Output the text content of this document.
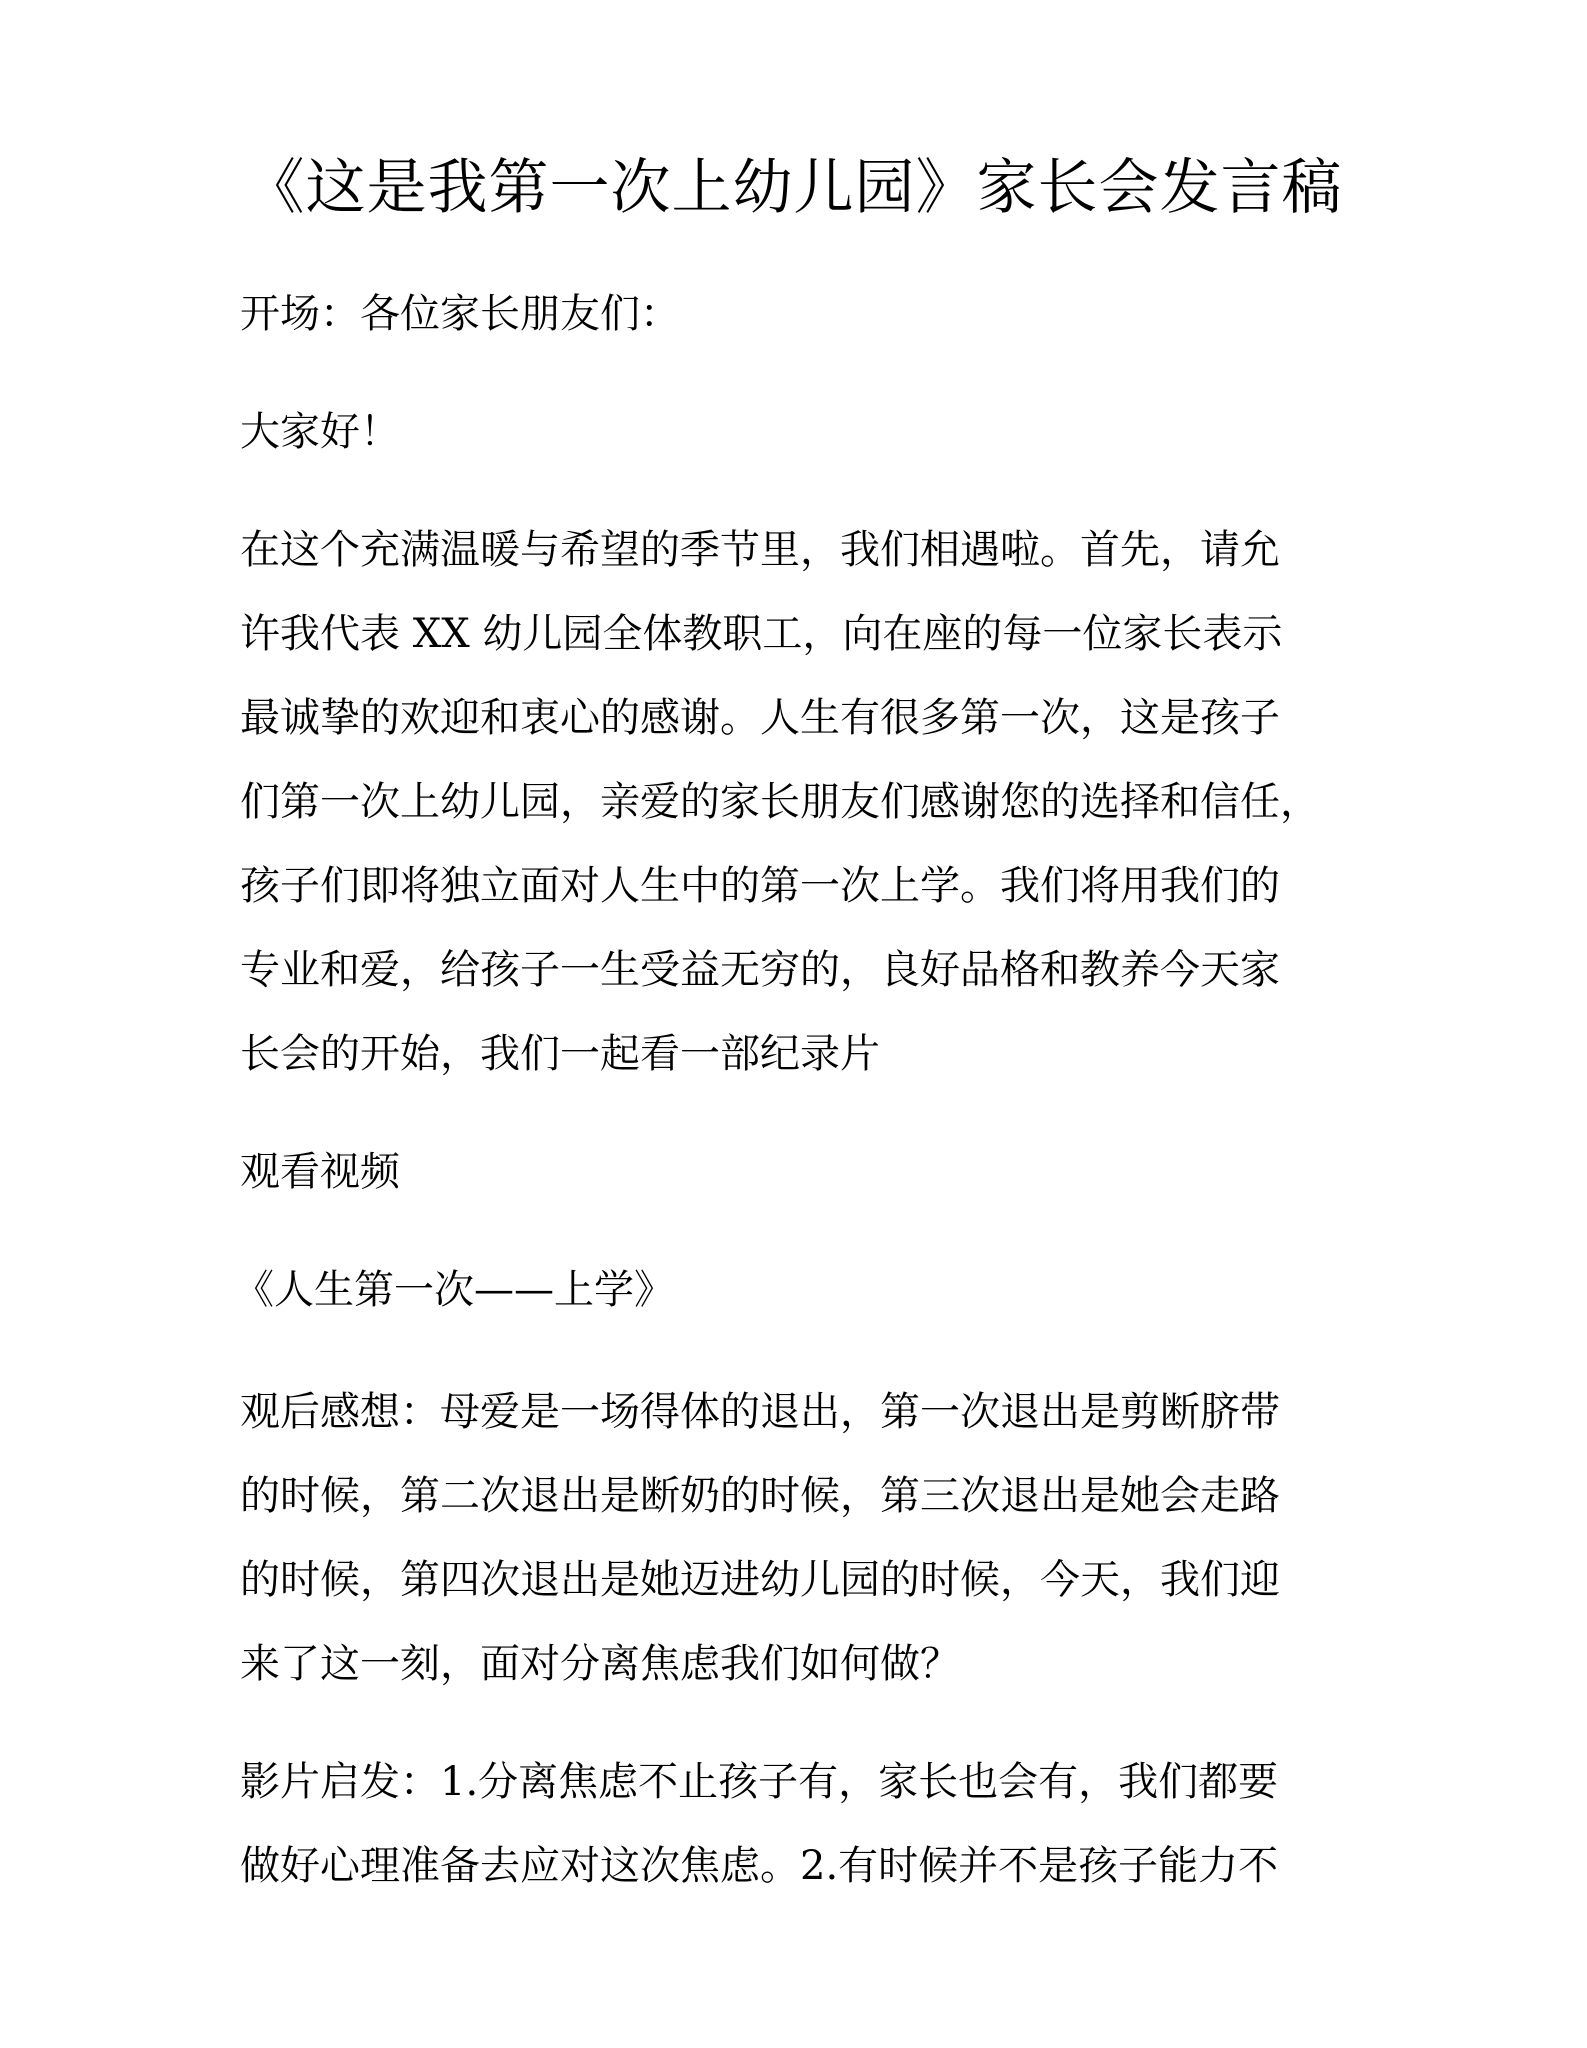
《这是我第一次上幼儿园》家长会发言稿
开场：各位家长朋友们：
大家好！
在这个充满温暖与希望的季节里，我们相遇啦。首先，请允
许我代表 XX 幼儿园全体教职工，向在座的每一位家长表示
最诚挚的欢迎和衷心的感谢。人生有很多第一次，这是孩子
们第一次上幼儿园，亲爱的家长朋友们感谢您的选择和信任，
孩子们即将独立面对人生中的第一次上学。我们将用我们的
专业和爱，给孩子一生受益无穷的，良好品格和教养今天家
长会的开始，我们一起看一部纪录片
观看视频
《人生第一次——上学》
观后感想：母爱是一场得体的退出，第一次退出是剪断脐带
的时候，第二次退出是断奶的时候，第三次退出是她会走路
的时候，第四次退出是她迈进幼儿园的时候，今天，我们迎
来了这一刻，面对分离焦虑我们如何做？
影片启发：1.分离焦虑不止孩子有，家长也会有，我们都要
做好心理准备去应对这次焦虑。2.有时候并不是孩子能力不
